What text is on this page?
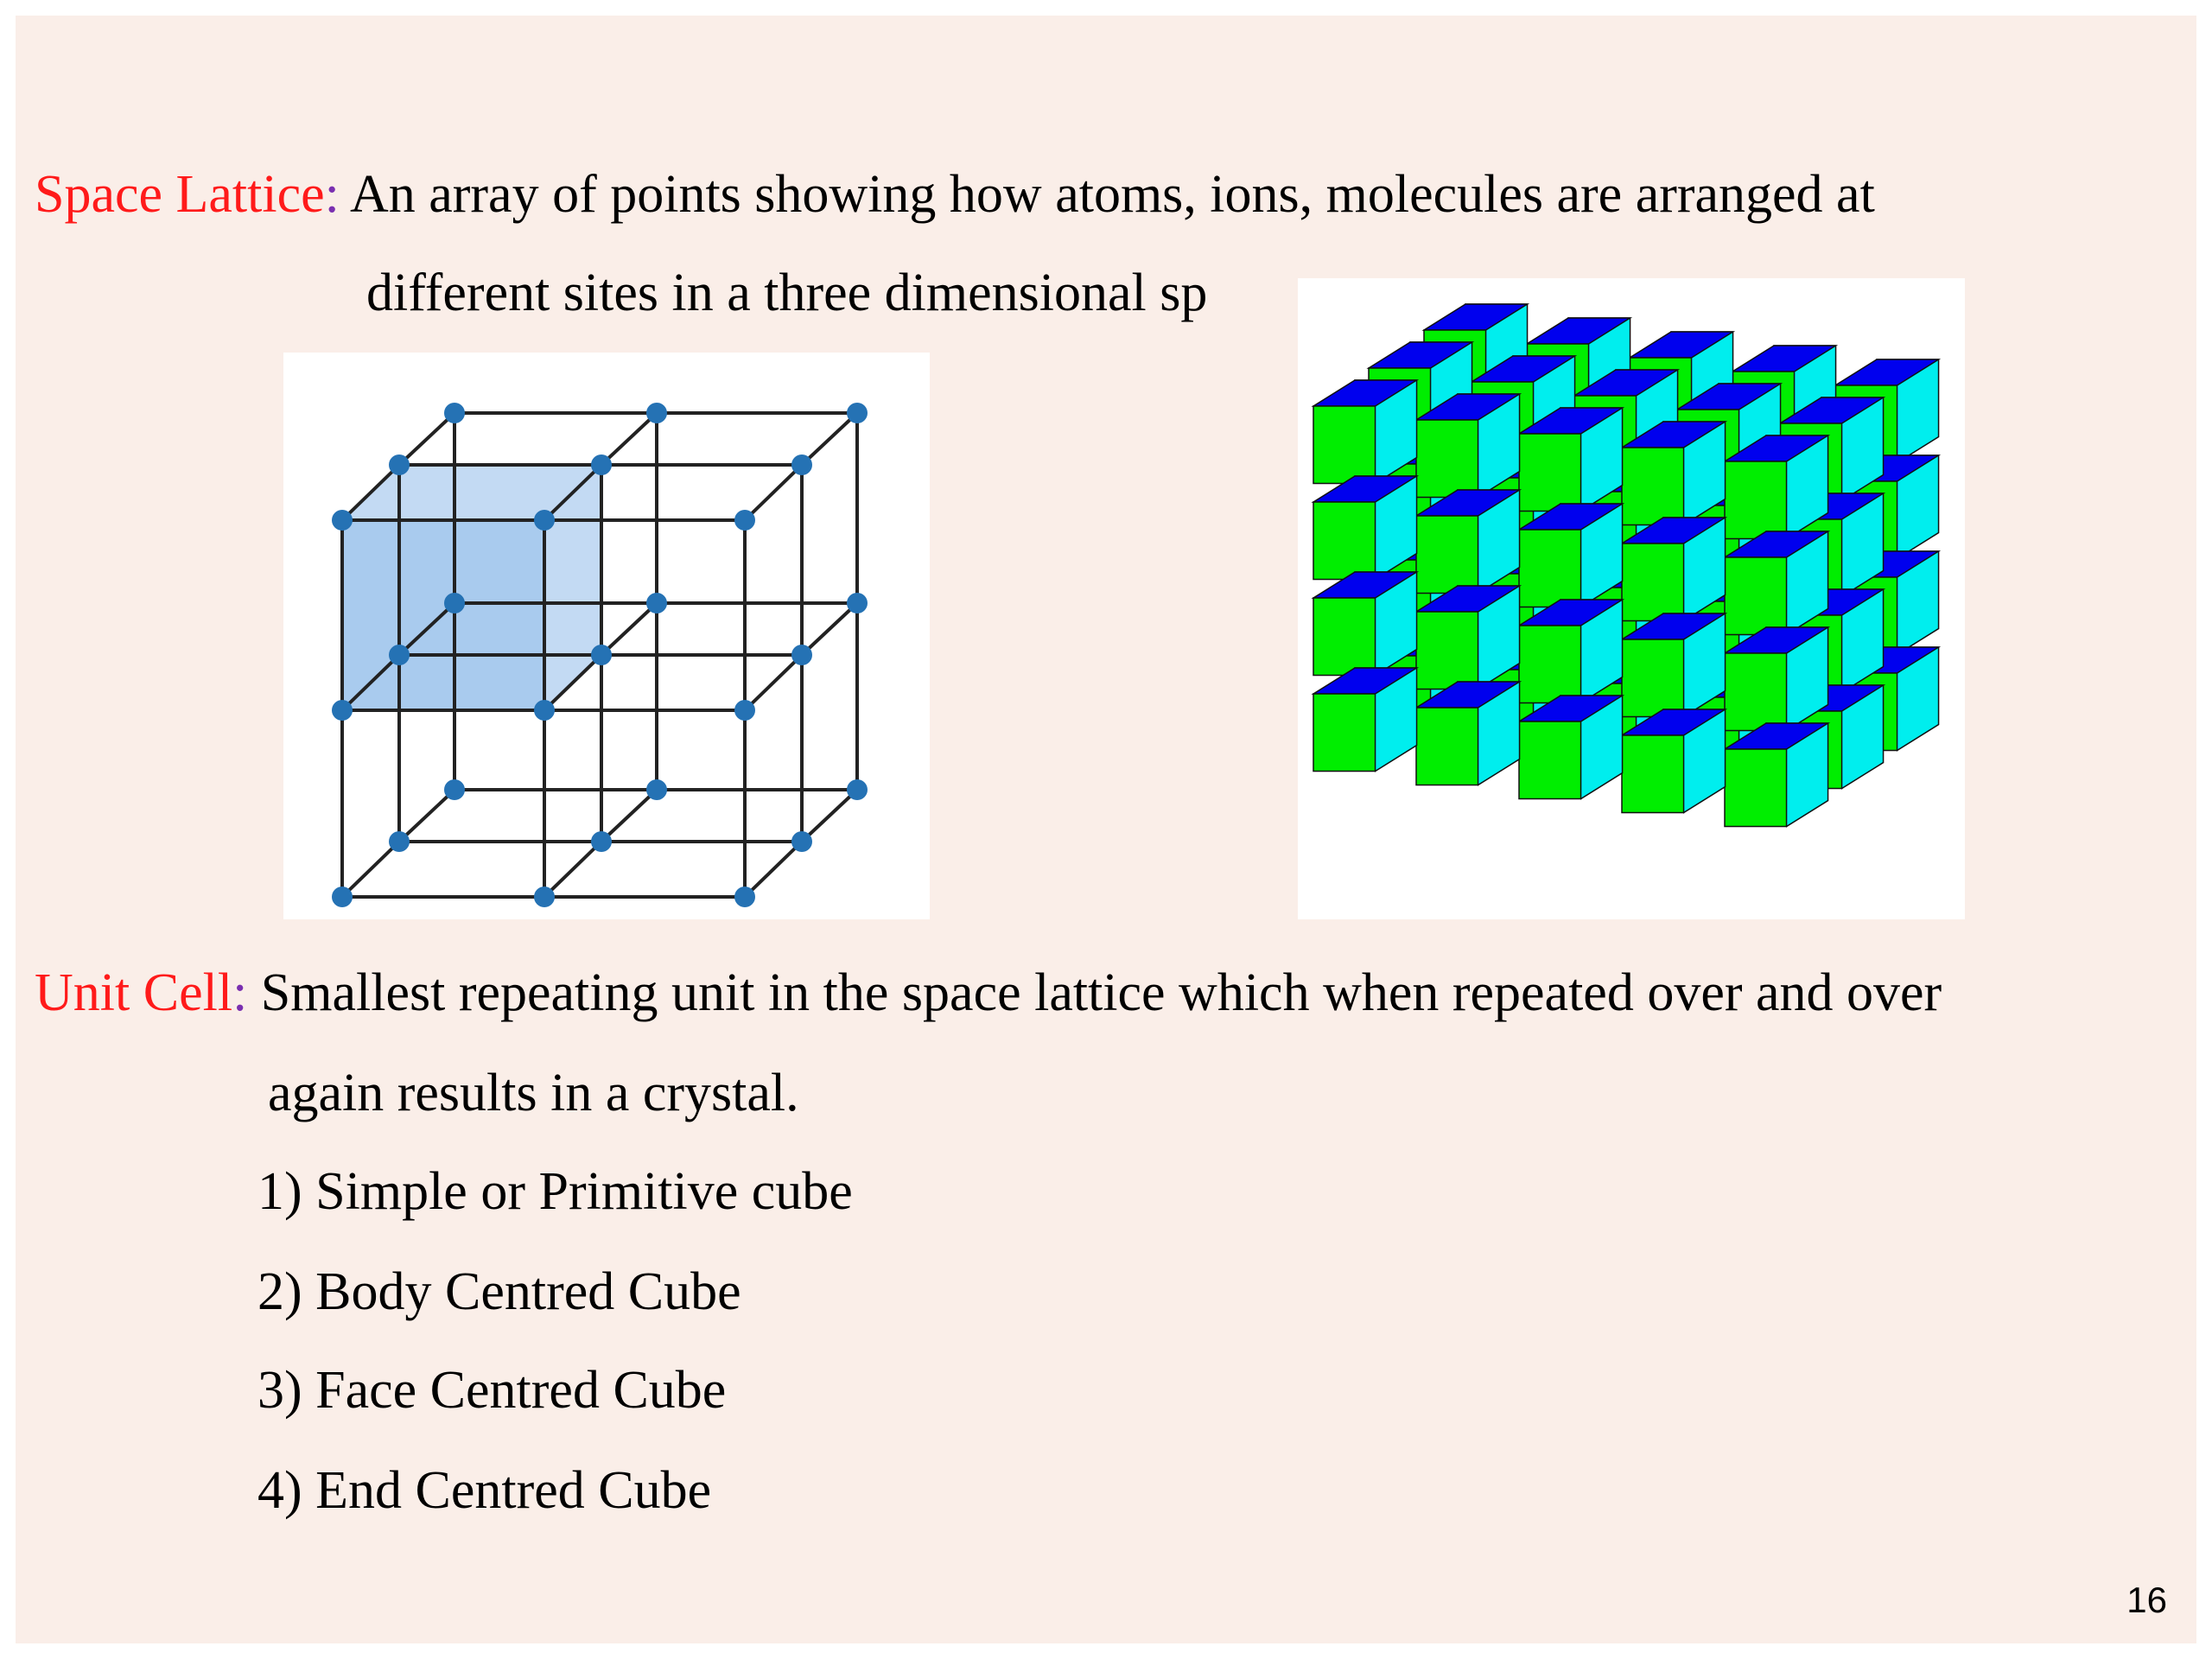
Space Lattice: An array of points showing how atoms, ions, molecules are arranged at
different sites in a three dimensional sp
Unit Cell: Smallest repeating unit in the space lattice which when repeated over and over
again results in a crystal.
1) Simple or Primitive cube
2) Body Centred Cube
3) Face Centred Cube
4) End Centred Cube
16
